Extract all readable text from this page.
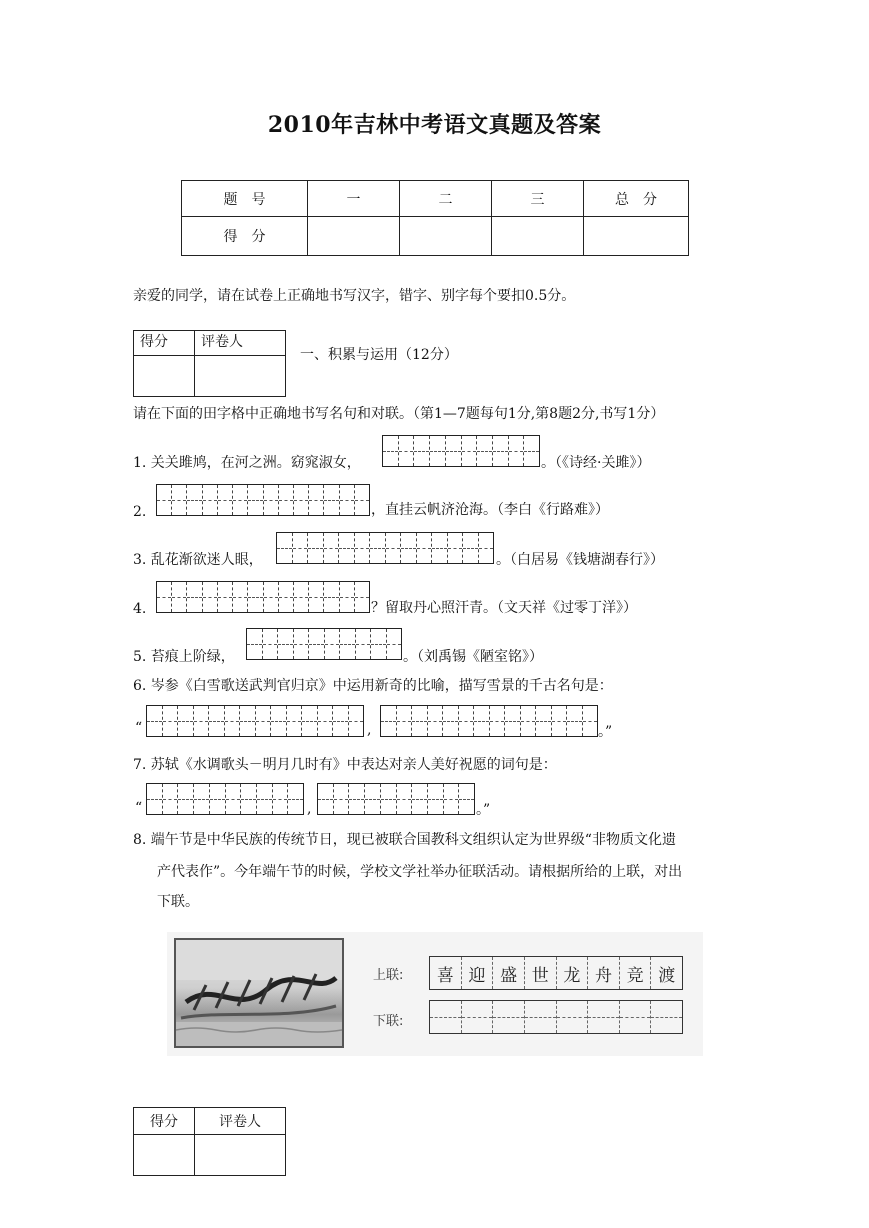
2010年吉林中考语文真题及答案
题　号	一	二	三	总　分
得　分				
亲爱的同学，请在试卷上正确地书写汉字，错字、别字每个要扣0.5分。
得分	评卷人

一、积累与运用（12分）
请在下面的田字格中正确地书写名句和对联。（第1—7题每句1分,第8题2分,书写1分）
1. 关关雎鸠，在河之洲。窈窕淑女，	。（《诗经·关雎》）
2.	，直挂云帆济沧海。（李白《行路难》）
3. 乱花渐欲迷人眼，	。（白居易《钱塘湖春行》）
4.	？留取丹心照汗青。（文天祥《过零丁洋》）
5. 苔痕上阶绿，	。（刘禹锡《陋室铭》）
6. 岑参《白雪歌送武判官归京》中运用新奇的比喻，描写雪景的千古名句是：
“	,	。”
7. 苏轼《水调歌头－明月几时有》中表达对亲人美好祝愿的词句是：
“	,	。”
8. 端午节是中华民族的传统节日，现已被联合国教科文组织认定为世界级“非物质文化遗
产代表作”。今年端午节的时候，学校文学社举办征联活动。请根据所给的上联，对出
下联。
上联:	喜 迎 盛 世 龙 舟 竞 渡
下联:
得分	评卷人
